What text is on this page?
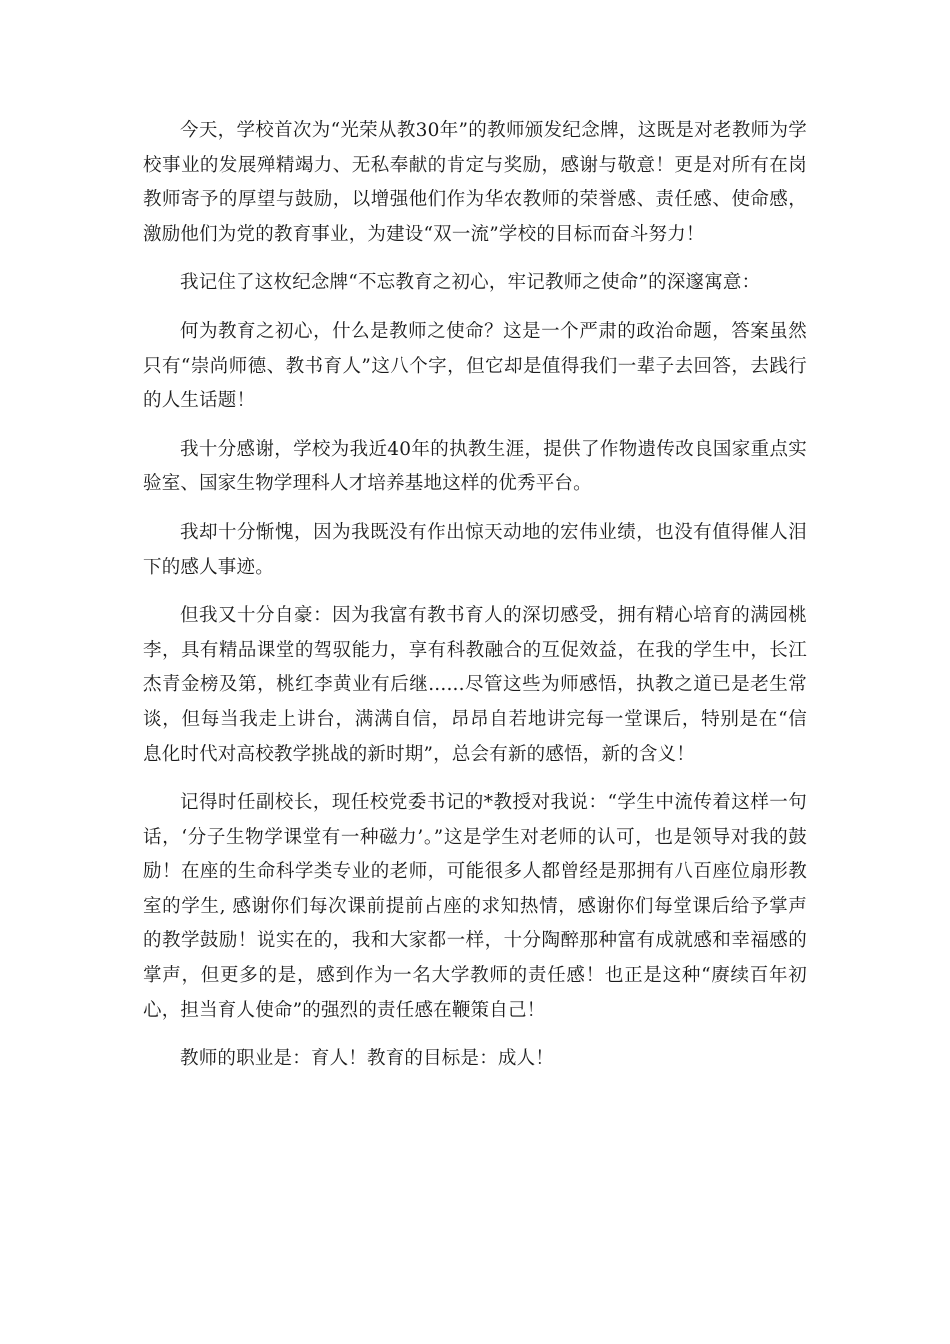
今天，学校首次为“光荣从教30年”的教师颁发纪念牌，这既是对老教师为学校事业的发展殚精竭力、无私奉献的肯定与奖励，感谢与敬意！更是对所有在岗教师寄予的厚望与鼓励，以增强他们作为华农教师的荣誉感、责任感、使命感，激励他们为党的教育事业，为建设“双一流”学校的目标而奋斗努力！

我记住了这枚纪念牌“不忘教育之初心，牢记教师之使命”的深邃寓意：

何为教育之初心，什么是教师之使命？这是一个严肃的政治命题，答案虽然只有“崇尚师德、教书育人”这八个字，但它却是值得我们一辈子去回答，去践行的人生话题！

我十分感谢，学校为我近40年的执教生涯，提供了作物遗传改良国家重点实验室、国家生物学理科人才培养基地这样的优秀平台。

我却十分惭愧，因为我既没有作出惊天动地的宏伟业绩，也没有值得催人泪下的感人事迹。

但我又十分自豪：因为我富有教书育人的深切感受，拥有精心培育的满园桃李，具有精品课堂的驾驭能力，享有科教融合的互促效益，在我的学生中，长江杰青金榜及第，桃红李黄业有后继......尽管这些为师感悟，执教之道已是老生常谈，但每当我走上讲台，满满自信，昂昂自若地讲完每一堂课后，特别是在“信息化时代对高校教学挑战的新时期”，总会有新的感悟，新的含义！

记得时任副校长，现任校党委书记的*教授对我说：“学生中流传着这样一句话，‘分子生物学课堂有一种磁力’。”这是学生对老师的认可，也是领导对我的鼓励！在座的生命科学类专业的老师，可能很多人都曾经是那拥有八百座位扇形教室的学生, 感谢你们每次课前提前占座的求知热情，感谢你们每堂课后给予掌声的教学鼓励！说实在的，我和大家都一样，十分陶醉那种富有成就感和幸福感的掌声，但更多的是，感到作为一名大学教师的责任感！也正是这种“赓续百年初心，担当育人使命”的强烈的责任感在鞭策自己！

教师的职业是：育人！教育的目标是：成人！
